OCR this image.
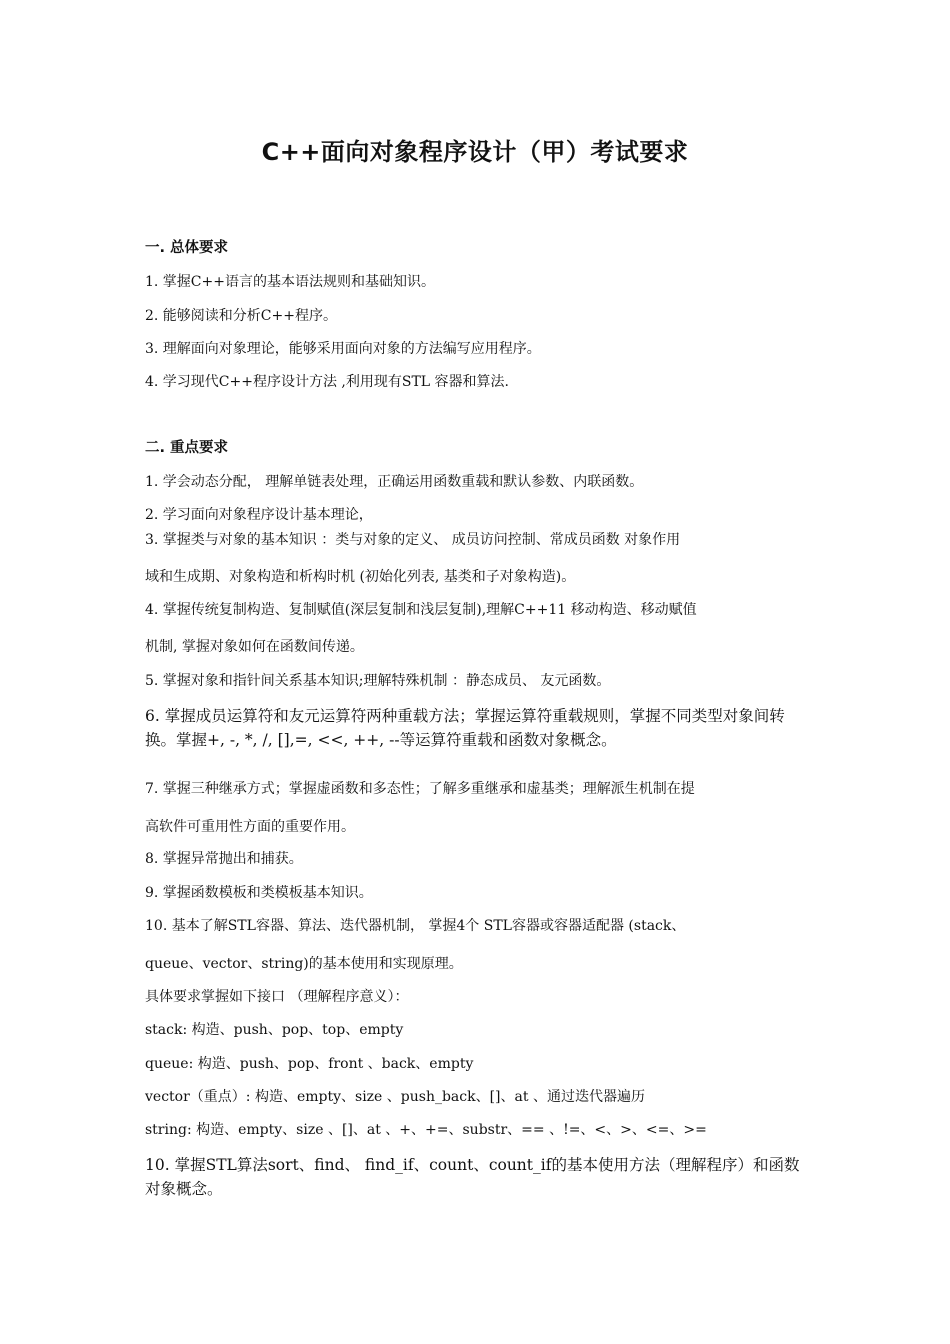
C++面向对象程序设计（甲）考试要求
一. 总体要求
1. 掌握C++语言的基本语法规则和基础知识。
2. 能够阅读和分析C++程序。
3. 理解面向对象理论，能够采用面向对象的方法编写应用程序。
4. 学习现代C++程序设计方法 ,利用现有STL 容器和算法.
二. 重点要求
1. 学会动态分配， 理解单链表处理，正确运用函数重载和默认参数、内联函数。
2. 学习面向对象程序设计基本理论，
3. 掌握类与对象的基本知识 ：类与对象的定义、 成员访问控制、常成员函数 对象作用
域和生成期、对象构造和析构时机 (初始化列表, 基类和子对象构造)。
4. 掌握传统复制构造、复制赋值(深层复制和浅层复制),理解C++11 移动构造、移动赋值
机制, 掌握对象如何在函数间传递。
5. 掌握对象和指针间关系基本知识;理解特殊机制 ：静态成员、 友元函数。
6. 掌握成员运算符和友元运算符两种重载方法；掌握运算符重载规则，掌握不同类型对象间转换。掌握+, -, *, /, [],=, <<, ++, --等运算符重载和函数对象概念。
7. 掌握三种继承方式；掌握虚函数和多态性；了解多重继承和虚基类；理解派生机制在提
高软件可重用性方面的重要作用。
8. 掌握异常抛出和捕获。
9. 掌握函数模板和类模板基本知识。
10. 基本了解STL容器、算法、迭代器机制， 掌握4个 STL容器或容器适配器 (stack、
queue、vector、string)的基本使用和实现原理。
具体要求掌握如下接口 （理解程序意义）：
stack: 构造、push、pop、top、empty
queue: 构造、push、pop、front 、back、empty
vector（重点）: 构造、empty、size 、push_back、[]、at 、通过迭代器遍历
string: 构造、empty、size 、[]、at 、+、+=、substr、== 、!=、<、>、<=、>=
10. 掌握STL算法sort、find、 find_if、count、count_if的基本使用方法（理解程序）和函数对象概念。
